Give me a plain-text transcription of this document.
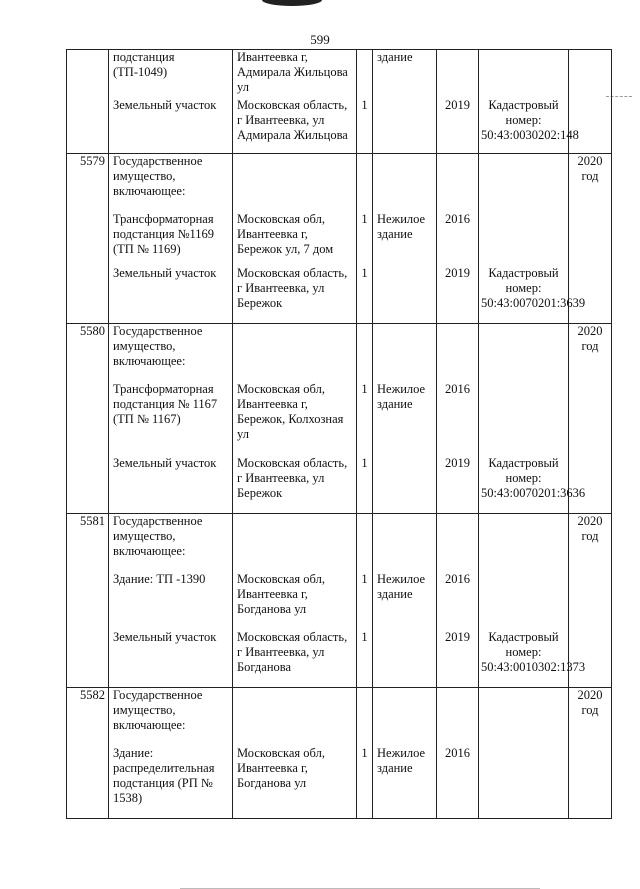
599
	подстанция (ТП-1049)	Ивантеевка г, Адмирала Жильцова ул		здание			
	Земельный участок	Московская область, г Ивантеевка, ул Адмирала Жильцова	1		2019	Кадастровый номер: 50:43:0030202:148	
5579	Государственное имущество, включающее:						2020 год
	Трансформаторная подстанция №1169 (ТП № 1169)	Московская обл, Ивантеевка г, Бережок ул, 7 дом	1	Нежилое здание	2016		
	Земельный участок	Московская область, г Ивантеевка, ул Бережок	1		2019	Кадастровый номер: 50:43:0070201:3639	
5580	Государственное имущество, включающее:						2020 год
	Трансформаторная подстанция № 1167 (ТП № 1167)	Московская обл, Ивантеевка г, Бережок, Колхозная ул	1	Нежилое здание	2016		
	Земельный участок	Московская область, г Ивантеевка, ул Бережок	1		2019	Кадастровый номер: 50:43:0070201:3636	
5581	Государственное имущество, включающее:						2020 год
	Здание: ТП -1390	Московская обл, Ивантеевка г, Богданова ул	1	Нежилое здание	2016		
	Земельный участок	Московская область, г Ивантеевка, ул Богданова	1		2019	Кадастровый номер: 50:43:0010302:1373	
5582	Государственное имущество, включающее:						2020 год
	Здание: распределительная подстанция (РП № 1538)	Московская обл, Ивантеевка г, Богданова ул	1	Нежилое здание	2016		
